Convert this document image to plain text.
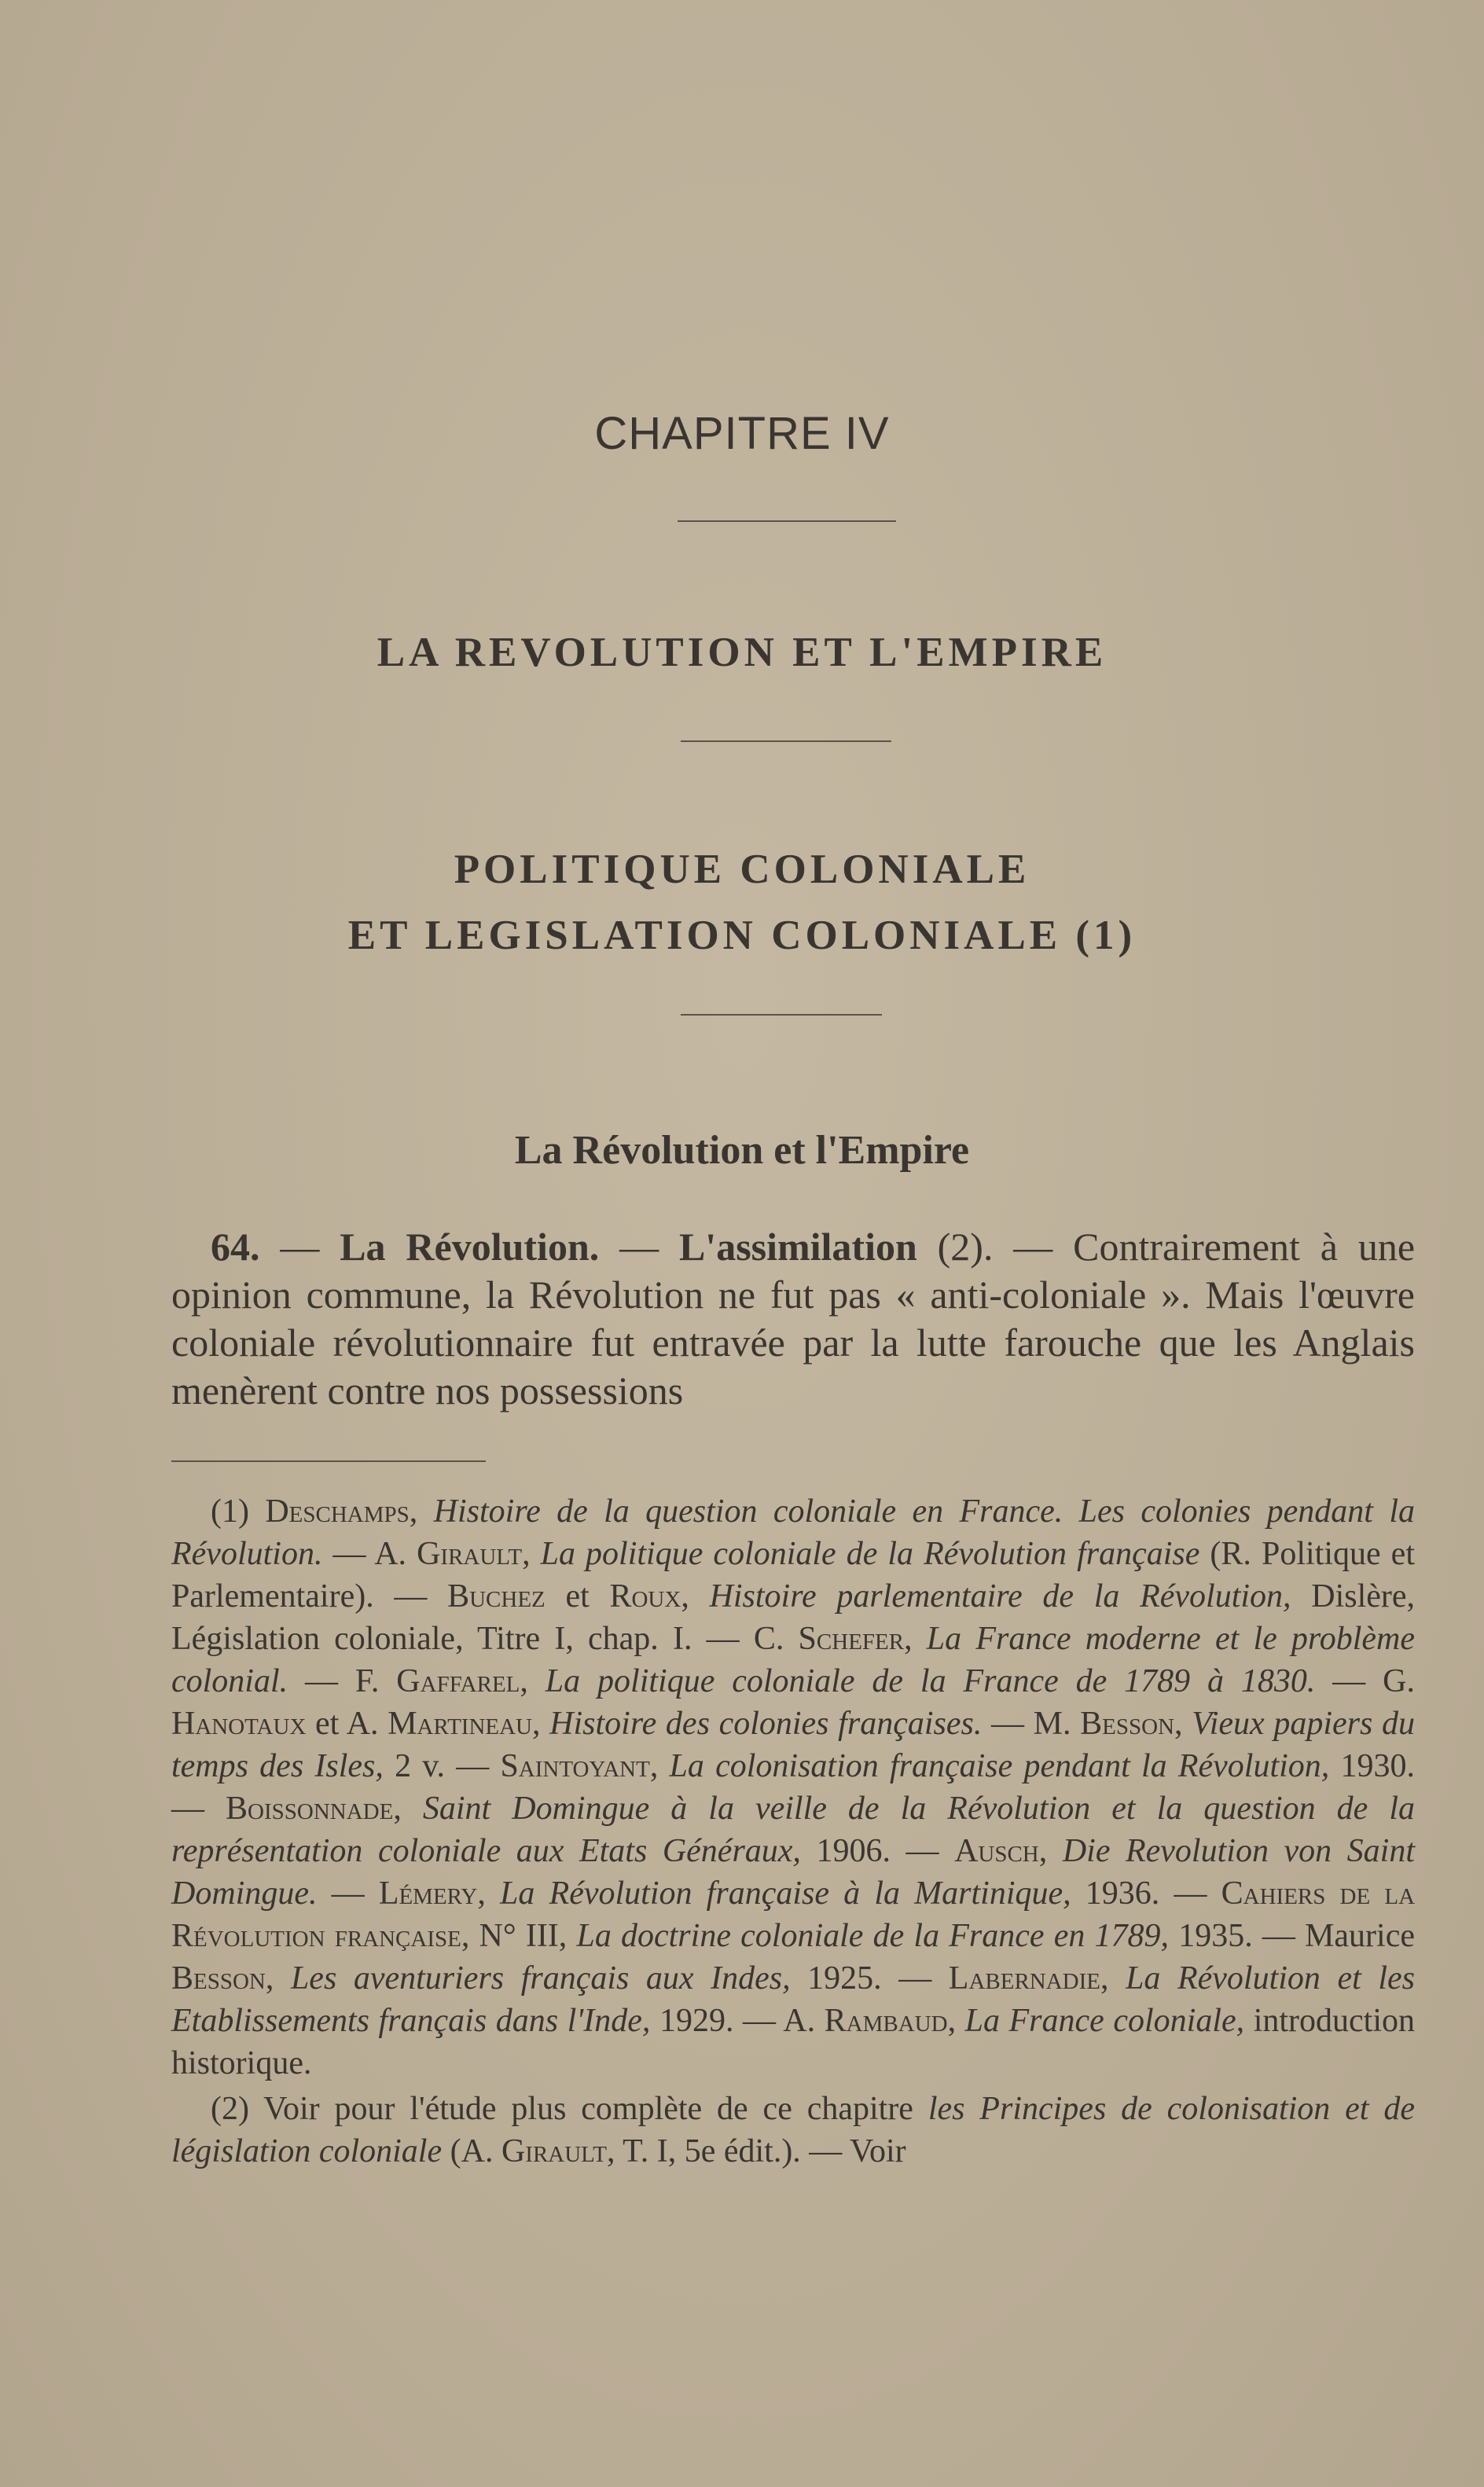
CHAPITRE IV
LA REVOLUTION ET L'EMPIRE
POLITIQUE COLONIALE
ET LEGISLATION COLONIALE (1)
La Révolution et l'Empire
64. — La Révolution. — L'assimilation (2). — Contrairement à une opinion commune, la Révolution ne fut pas « anti-coloniale ». Mais l'œuvre coloniale révolutionnaire fut entravée par la lutte farouche que les Anglais menèrent contre nos possessions

(1) Deschamps, Histoire de la question coloniale en France. Les colonies pendant la Révolution. — A. Girault, La politique coloniale de la Révolution française (R. Politique et Parlementaire). — Buchez et Roux, Histoire parlementaire de la Révolution, Dislère, Législation coloniale, Titre I, chap. I. — C. Schefer, La France moderne et le problème colonial. — F. Gaffarel, La politique coloniale de la France de 1789 à 1830. — G. Hanotaux et A. Martineau, Histoire des colonies françaises. — M. Besson, Vieux papiers du temps des Isles, 2 v. — Saintoyant, La colonisation française pendant la Révolution, 1930. — Boissonnade, Saint Domingue à la veille de la Révolution et la question de la représentation coloniale aux Etats Généraux, 1906. — Ausch, Die Revolution von Saint Domingue. — Lémery, La Révolution française à la Martinique, 1936. — Cahiers de la Révolution française, N° III, La doctrine coloniale de la France en 1789, 1935. — Maurice Besson, Les aventuriers français aux Indes, 1925. — Labernadie, La Révolution et les Etablissements français dans l'Inde, 1929. — A. Rambaud, La France coloniale, introduction historique.

(2) Voir pour l'étude plus complète de ce chapitre les Principes de colonisation et de législation coloniale (A. Girault, T. I, 5e édit.). — Voir
